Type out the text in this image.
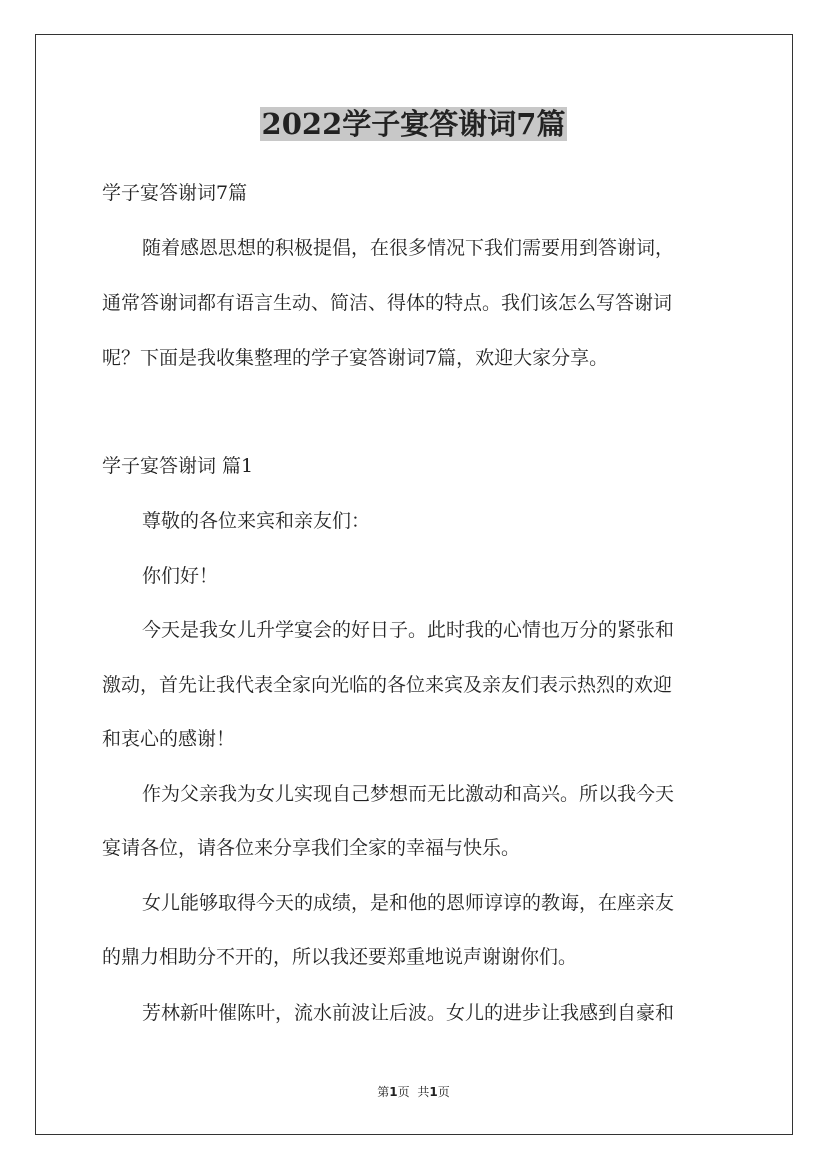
2022学子宴答谢词7篇
学子宴答谢词7篇
随着感恩思想的积极提倡，在很多情况下我们需要用到答谢词，
通常答谢词都有语言生动、简洁、得体的特点。我们该怎么写答谢词
呢？下面是我收集整理的学子宴答谢词7篇，欢迎大家分享。
学子宴答谢词 篇1
尊敬的各位来宾和亲友们：
你们好！
今天是我女儿升学宴会的好日子。此时我的心情也万分的紧张和
激动，首先让我代表全家向光临的各位来宾及亲友们表示热烈的欢迎
和衷心的感谢！
作为父亲我为女儿实现自己梦想而无比激动和高兴。所以我今天
宴请各位，请各位来分享我们全家的幸福与快乐。
女儿能够取得今天的成绩，是和他的恩师谆谆的教诲，在座亲友
的鼎力相助分不开的，所以我还要郑重地说声谢谢你们。
芳林新叶催陈叶，流水前波让后波。女儿的进步让我感到自豪和
第1页 共1页
